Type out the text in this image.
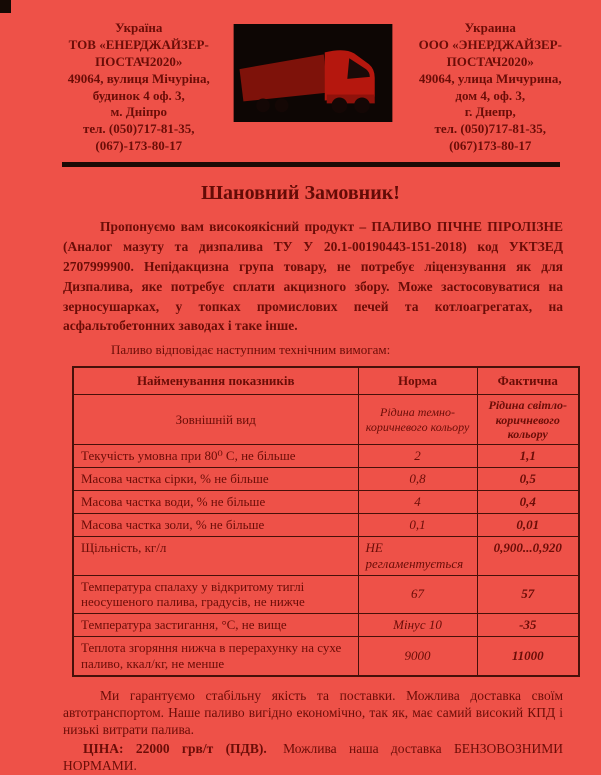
Україна
ТОВ «ЕНЕРДЖАЙЗЕР-
ПОСТАЧ2020»
49064, вулиця Мічуріна,
будинок 4 оф. 3,
м. Дніпро
тел. (050)717-81-35,
(067)-173-80-17
Украина
ООО «ЭНЕРДЖАЙЗЕР-
ПОСТАЧ2020»
49064, улица Мичурина,
дом 4, оф. 3,
г. Днепр,
тел. (050)717-81-35,
(067)173-80-17
Шановний Замовник!

Пропонуємо вам високоякісний продукт – ПАЛИВО ПІЧНЕ ПІРОЛІЗНЕ (Аналог мазуту та дизпалива ТУ У 20.1-00190443-151-2018) код УКТЗЕД 2707999900. Непідакцизна група товару, не потребує ліцензування як для Дизпалива, яке потребує сплати акцизного збору. Може застосовуватися на зерносушарках, у топках промислових печей та котлоагрегатах, на асфальтобетонних заводах і таке інше.

Паливо відповідає наступним технічним вимогам:

Найменування показників	Норма	Фактична
Зовнішній вид	Рідина темно-коричневого кольору	Рідина світло-коричневого кольору
Текучість умовна при 80⁰ С, не більше	2	1,1
Масова частка сірки, % не більше	0,8	0,5
Масова частка води, % не більше	4	0,4
Масова частка золи, % не більше	0,1	0,01
Щільність, кг/л	НЕ регламентується	0,900...0,920
Температура спалаху у відкритому тиглі неосушеного палива, градусів, не нижче	67	57
Температура застигання, °С, не вище	Мінус 10	-35
Теплота згоряння нижча в перерахунку на сухе паливо, ккал/кг, не менше	9000	11000

Ми гарантуємо стабільну якість та поставки. Можлива доставка своїм автотранспортом. Наше паливо вигідно економічно, так як, має самий високий КПД і низькі витрати палива.

ЦІНА: 22000 грв/т (ПДВ). Можлива наша доставка БЕНЗОВОЗНИМИ НОРМАМИ.
